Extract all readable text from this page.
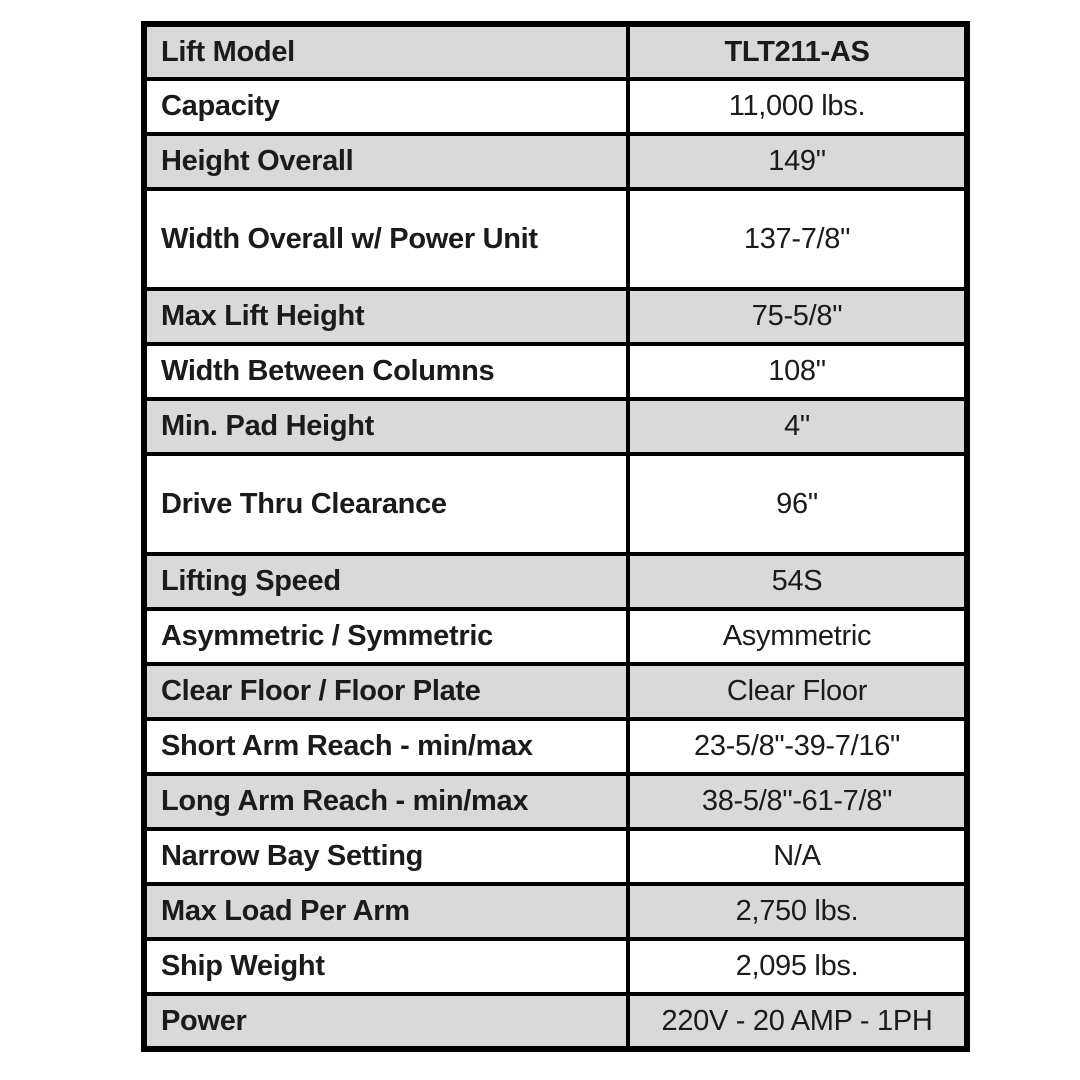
Lift Model	TLT211-AS
Capacity	11,000 lbs.
Height Overall	149"
Width Overall w/ Power Unit	137-7/8"
Max Lift Height	75-5/8"
Width Between Columns	108"
Min. Pad Height	4"
Drive Thru Clearance	96"
Lifting Speed	54S
Asymmetric / Symmetric	Asymmetric
Clear Floor / Floor Plate	Clear Floor
Short Arm Reach - min/max	23-5/8"-39-7/16"
Long Arm Reach - min/max	38-5/8"-61-7/8"
Narrow Bay Setting	N/A
Max Load Per Arm	2,750 lbs.
Ship Weight	2,095 lbs.
Power	220V - 20 AMP - 1PH
